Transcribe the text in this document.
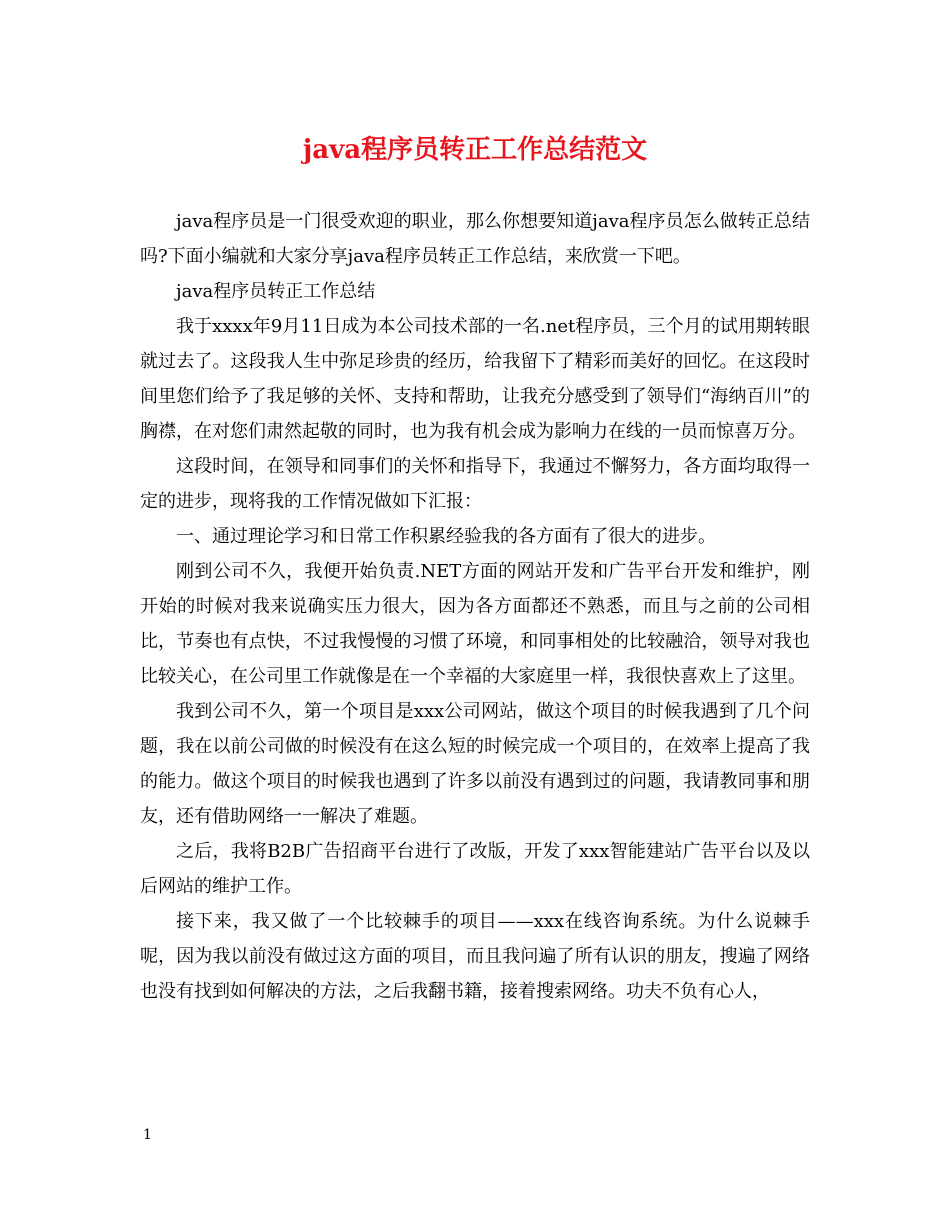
java程序员转正工作总结范文

java程序员是一门很受欢迎的职业，那么你想要知道java程序员怎么做转正总结吗?下面小编就和大家分享java程序员转正工作总结，来欣赏一下吧。

java程序员转正工作总结

我于xxxx年9月11日成为本公司技术部的一名.net程序员，三个月的试用期转眼就过去了。这段我人生中弥足珍贵的经历，给我留下了精彩而美好的回忆。在这段时间里您们给予了我足够的关怀、支持和帮助，让我充分感受到了领导们“海纳百川”的胸襟，在对您们肃然起敬的同时，也为我有机会成为影响力在线的一员而惊喜万分。

这段时间，在领导和同事们的关怀和指导下，我通过不懈努力，各方面均取得一定的进步，现将我的工作情况做如下汇报：

一、通过理论学习和日常工作积累经验我的各方面有了很大的进步。

刚到公司不久，我便开始负责.NET方面的网站开发和广告平台开发和维护，刚开始的时候对我来说确实压力很大，因为各方面都还不熟悉，而且与之前的公司相比，节奏也有点快，不过我慢慢的习惯了环境，和同事相处的比较融洽，领导对我也比较关心，在公司里工作就像是在一个幸福的大家庭里一样，我很快喜欢上了这里。

我到公司不久，第一个项目是xxx公司网站，做这个项目的时候我遇到了几个问题，我在以前公司做的时候没有在这么短的时候完成一个项目的，在效率上提高了我的能力。做这个项目的时候我也遇到了许多以前没有遇到过的问题，我请教同事和朋友，还有借助网络一一解决了难题。

之后，我将B2B广告招商平台进行了改版，开发了xxx智能建站广告平台以及以后网站的维护工作。

接下来，我又做了一个比较棘手的项目——xxx在线咨询系统。为什么说棘手呢，因为我以前没有做过这方面的项目，而且我问遍了所有认识的朋友，搜遍了网络也没有找到如何解决的方法，之后我翻书籍，接着搜索网络。功夫不负有心人，

1
